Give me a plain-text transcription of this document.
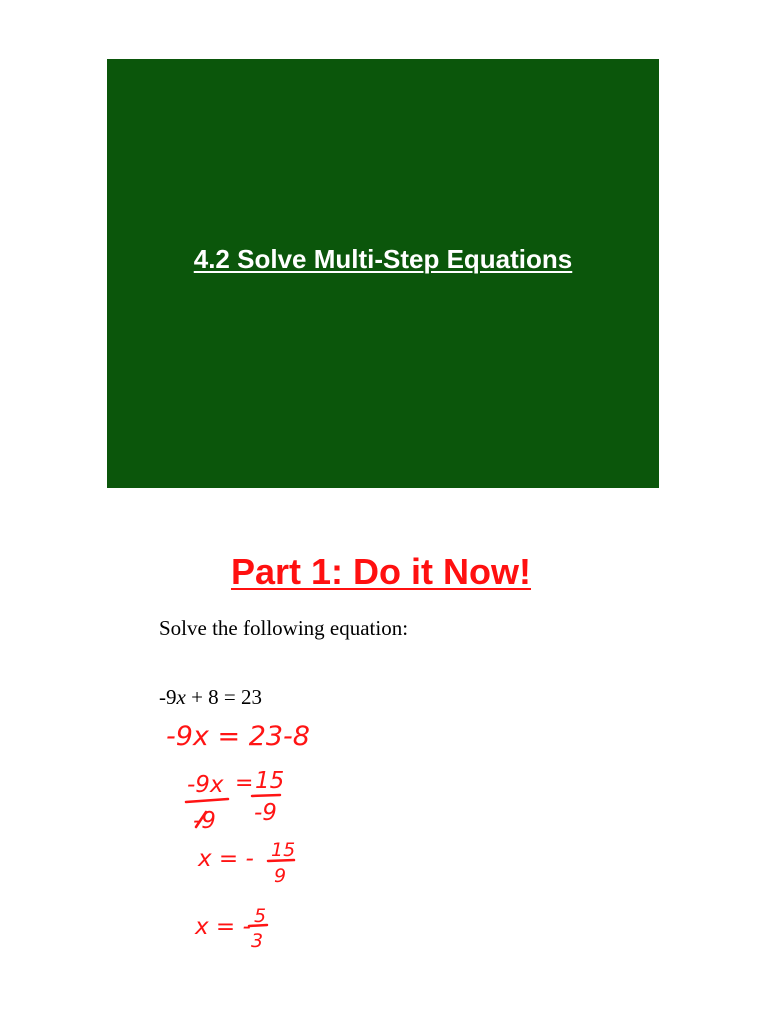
4.2 Solve Multi-Step Equations
Part 1: Do it Now!
Solve the following equation:
-9x + 8 = 23
-9x = 23-8
-9x
-9
= 15
-9
x = - 15
9
x = - 5
3
